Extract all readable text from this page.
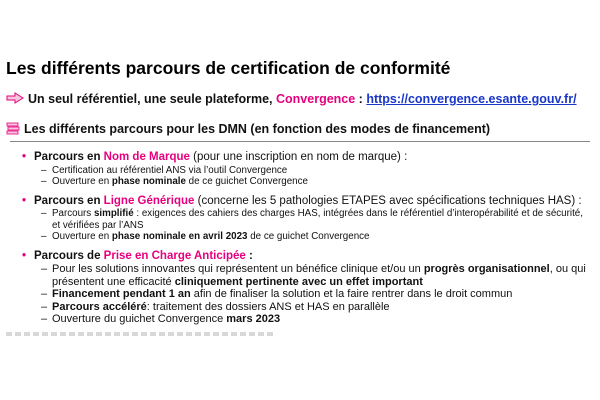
Les différents parcours de certification de conformité
Un seul référentiel, une seule plateforme, Convergence : https://convergence.esante.gouv.fr/
Les différents parcours pour les DMN (en fonction des modes de financement)
• Parcours en Nom de Marque (pour une inscription en nom de marque) :
– Certification au référentiel ANS via l’outil Convergence
– Ouverture en phase nominale de ce guichet Convergence
• Parcours en Ligne Générique (concerne les 5 pathologies ETAPES avec spécifications techniques HAS) :
– Parcours simplifié : exigences des cahiers des charges HAS, intégrées dans le référentiel d’interopérabilité et de sécurité, et vérifiées par l’ANS
– Ouverture en phase nominale en avril 2023 de ce guichet Convergence
• Parcours de Prise en Charge Anticipée :
– Pour les solutions innovantes qui représentent un bénéfice clinique et/ou un progrès organisationnel, ou qui présentent une efficacité cliniquement pertinente avec un effet important
– Financement pendant 1 an afin de finaliser la solution et la faire rentrer dans le droit commun
– Parcours accéléré: traitement des dossiers ANS et HAS en parallèle
– Ouverture du guichet Convergence mars 2023
